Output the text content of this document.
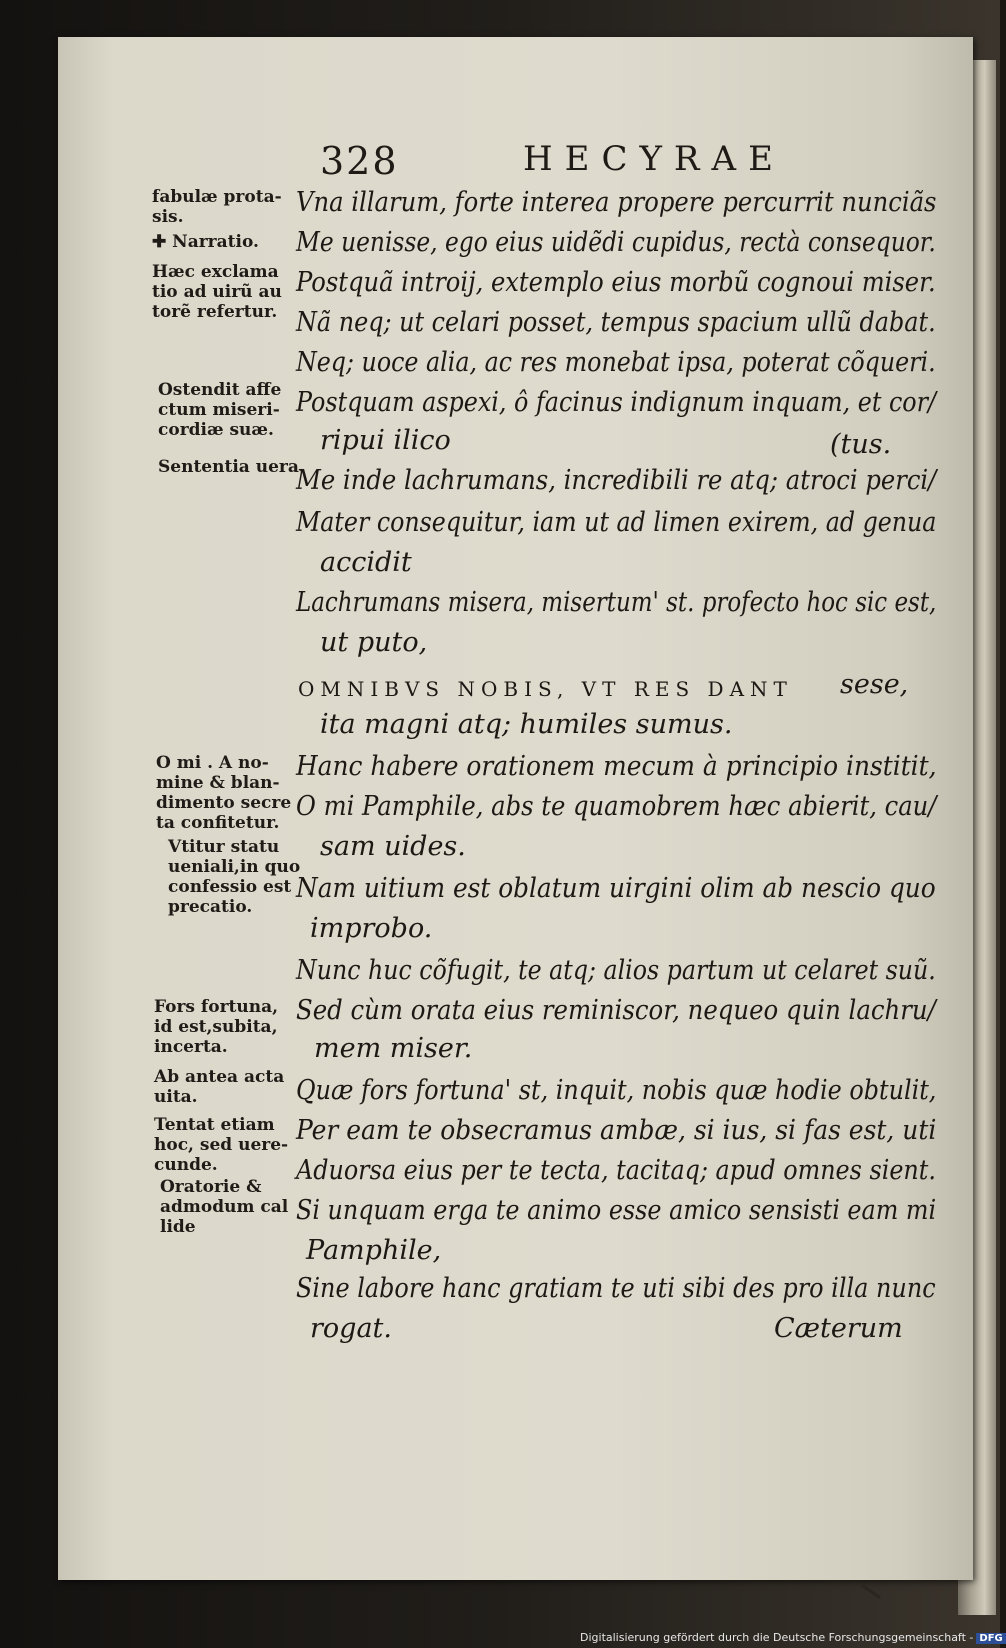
328	HECYRAE
fabulæ prota-
sis.
✚ Narratio.
Hæc exclama
tio ad uirũ au
torẽ refertur.
Ostendit affe
ctum miseri-
cordiæ suæ.
Sententia uera.
O mi . A no-
mine & blan-
dimento secre
ta confitetur.
Vtitur statu
ueniali,in quo
confessio est
precatio.
Fors fortuna,
id est,subita,
incerta.
Ab antea acta
uita.
Tentat etiam
hoc, sed uere-
cunde.
Oratorie &
admodum cal
lide
Vna illarum, forte interea propere percurrit nunciãs
Me uenisse, ego eius uidẽdi cupidus, rectà consequor.
Postquã introij, extemplo eius morbũ cognoui miser.
Nã neq; ut celari posset, tempus spacium ullũ dabat.
Neq; uoce alia, ac res monebat ipsa, poterat cõqueri.
Postquam aspexi, ô facinus indignum inquam, et cor/
ripui ilico	(tus.
Me inde lachrumans, incredibili re atq; atroci perci/
Mater consequitur, iam ut ad limen exirem, ad genua
accidit
Lachrumans misera, misertum' st. profecto hoc sic est,
ut puto,
OMNIBVS NOBIS, VT RES DANT sese,
ita magni atq; humiles sumus.
Hanc habere orationem mecum à principio institit,
O mi Pamphile, abs te quamobrem hæc abierit, cau/
sam uides.
Nam uitium est oblatum uirgini olim ab nescio quo
improbo.
Nunc huc cõfugit, te atq; alios partum ut celaret suũ.
Sed cùm orata eius reminiscor, nequeo quin lachru/
mem miser.
Quæ fors fortuna' st, inquit, nobis quæ hodie obtulit,
Per eam te obsecramus ambæ, si ius, si fas est, uti
Aduorsa eius per te tecta, tacitaq; apud omnes sient.
Si unquam erga te animo esse amico sensisti eam mi
Pamphile,
Sine labore hanc gratiam te uti sibi des pro illa nunc
rogat.	Cæterum
Digitalisierung gefördert durch die Deutsche Forschungsgemeinschaft - DFG
